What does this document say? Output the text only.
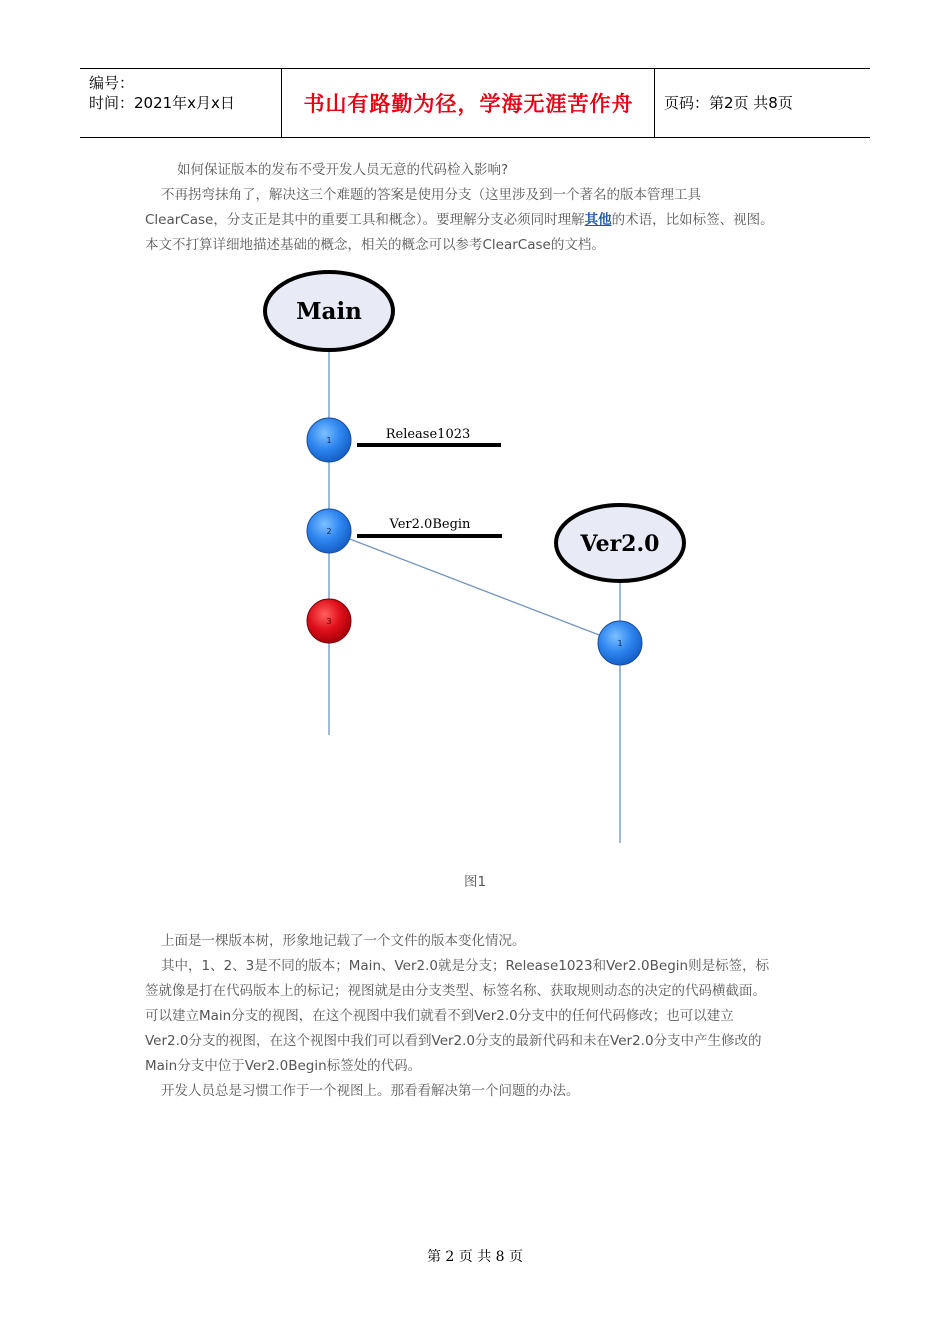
编号：
时间：2021年x月x日	书山有路勤为径，学海无涯苦作舟	页码：第2页 共8页

如何保证版本的发布不受开发人员无意的代码检入影响?

不再拐弯抹角了，解决这三个难题的答案是使用分支（这里涉及到一个著名的版本管理工具
ClearCase，分支正是其中的重要工具和概念）。要理解分支必须同时理解其他的术语，比如标签、视图。
本文不打算详细地描述基础的概念，相关的概念可以参考ClearCase的文档。
Main
Ver2.0
Release1023
Ver2.0Begin
1
2
3
1
图1
上面是一棵版本树，形象地记载了一个文件的版本变化情况。
其中，1、2、3是不同的版本；Main、Ver2.0就是分支；Release1023和Ver2.0Begin则是标签，标
签就像是打在代码版本上的标记；视图就是由分支类型、标签名称、获取规则动态的决定的代码横截面。
可以建立Main分支的视图，在这个视图中我们就看不到Ver2.0分支中的任何代码修改；也可以建立
Ver2.0分支的视图，在这个视图中我们可以看到Ver2.0分支的最新代码和未在Ver2.0分支中产生修改的
Main分支中位于Ver2.0Begin标签处的代码。
开发人员总是习惯工作于一个视图上。那看看解决第一个问题的办法。
第 2 页 共 8 页
